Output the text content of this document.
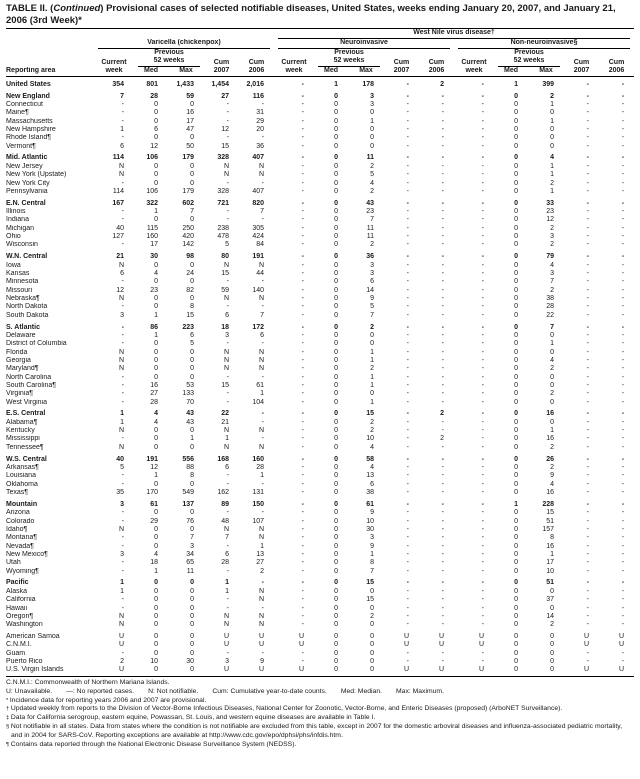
TABLE II. (Continued) Provisional cases of selected notifiable diseases, United States, weeks ending January 20, 2007, and January 21, 2006 (3rd Week)*

						West Nile virus disease†									

	Varicella (chickenpox)					Neuroinvasive					Non-neuroinvasive§				

		Previous					Previous					Previous			
	Current	52 weeks		Cum	Cum	Current	52 weeks		Cum	Cum	Current	52 weeks		Cum	Cum
Reporting area	week	Med	Max	2007	2006	week	Med	Max	2007	2006	week	Med	Max	2007	2006
United States	354	801	1,433	1,454	2,016	-	1	178	-	2	-	1	399	-	-
New England	7	28	59	27	116	-	0	3	-	-	-	0	2	-	-
Connecticut	-	0	0	-	-	-	0	3	-	-	-	0	1	-	-
Maine¶	-	0	16	-	31	-	0	0	-	-	-	0	0	-	-
Massachusetts	-	0	17	-	29	-	0	1	-	-	-	0	1	-	-
New Hampshire	1	6	47	12	20	-	0	0	-	-	-	0	0	-	-
Rhode Island¶	-	0	0	-	-	-	0	0	-	-	-	0	0	-	-
Vermont¶	6	12	50	15	36	-	0	0	-	-	-	0	0	-	-
Mid. Atlantic	114	106	179	328	407	-	0	11	-	-	-	0	4	-	-
New Jersey	N	0	0	N	N	-	0	2	-	-	-	0	1	-	-
New York (Upstate)	N	0	0	N	N	-	0	5	-	-	-	0	1	-	-
New York City	-	0	0	-	-	-	0	4	-	-	-	0	2	-	-
Pennsylvania	114	106	179	328	407	-	0	2	-	-	-	0	1	-	-
E.N. Central	167	322	602	721	820	-	0	43	-	-	-	0	33	-	-
Illinois	-	1	7	-	7	-	0	23	-	-	-	0	23	-	-
Indiana	-	0	0	-	-	-	0	7	-	-	-	0	12	-	-
Michigan	40	115	250	238	305	-	0	11	-	-	-	0	2	-	-
Ohio	127	160	420	478	424	-	0	11	-	-	-	0	3	-	-
Wisconsin	-	17	142	5	84	-	0	2	-	-	-	0	2	-	-
W.N. Central	21	30	98	80	191	-	0	36	-	-	-	0	79	-	-
Iowa	N	0	0	N	N	-	0	3	-	-	-	0	4	-	-
Kansas	6	4	24	15	44	-	0	3	-	-	-	0	3	-	-
Minnesota	-	0	0	-	-	-	0	6	-	-	-	0	7	-	-
Missouri	12	23	82	59	140	-	0	14	-	-	-	0	2	-	-
Nebraska¶	N	0	0	N	N	-	0	9	-	-	-	0	38	-	-
North Dakota	-	0	8	-	-	-	0	5	-	-	-	0	28	-	-
South Dakota	3	1	15	6	7	-	0	7	-	-	-	0	22	-	-
S. Atlantic	-	86	223	18	172	-	0	2	-	-	-	0	7	-	-
Delaware	-	1	6	3	6	-	0	0	-	-	-	0	0	-	-
District of Columbia	-	0	5	-	-	-	0	0	-	-	-	0	1	-	-
Florida	N	0	0	N	N	-	0	1	-	-	-	0	0	-	-
Georgia	N	0	0	N	N	-	0	1	-	-	-	0	4	-	-
Maryland¶	N	0	0	N	N	-	0	2	-	-	-	0	2	-	-
North Carolina	-	0	0	-	-	-	0	1	-	-	-	0	0	-	-
South Carolina¶	-	16	53	15	61	-	0	1	-	-	-	0	0	-	-
Virginia¶	-	27	133	-	1	-	0	0	-	-	-	0	2	-	-
West Virginia	-	28	70	-	104	-	0	1	-	-	-	0	0	-	-
E.S. Central	1	4	43	22	-	-	0	15	-	2	-	0	16	-	-
Alabama¶	1	4	43	21	-	-	0	2	-	-	-	0	0	-	-
Kentucky	N	0	0	N	N	-	0	2	-	-	-	0	1	-	-
Mississippi	-	0	1	1	-	-	0	10	-	2	-	0	16	-	-
Tennessee¶	N	0	0	N	N	-	0	4	-	-	-	0	2	-	-
W.S. Central	40	191	556	168	160	-	0	58	-	-	-	0	26	-	-
Arkansas¶	5	12	88	6	28	-	0	4	-	-	-	0	2	-	-
Louisiana	-	1	8	-	1	-	0	13	-	-	-	0	9	-	-
Oklahoma	-	0	0	-	-	-	0	6	-	-	-	0	4	-	-
Texas¶	35	170	549	162	131	-	0	38	-	-	-	0	16	-	-
Mountain	3	61	137	89	150	-	0	61	-	-	-	1	228	-	-
Arizona	-	0	0	-	-	-	0	9	-	-	-	0	15	-	-
Colorado	-	29	76	48	107	-	0	10	-	-	-	0	51	-	-
Idaho¶	N	0	0	N	N	-	0	30	-	-	-	0	157	-	-
Montana¶	-	0	7	7	N	-	0	3	-	-	-	0	8	-	-
Nevada¶	-	0	3	-	1	-	0	9	-	-	-	0	16	-	-
New Mexico¶	3	4	34	6	13	-	0	1	-	-	-	0	1	-	-
Utah	-	18	65	28	27	-	0	8	-	-	-	0	17	-	-
Wyoming¶	-	1	11	-	2	-	0	7	-	-	-	0	10	-	-
Pacific	1	0	0	1	-	-	0	15	-	-	-	0	51	-	-
Alaska	1	0	0	1	N	-	0	0	-	-	-	0	0	-	-
California	-	0	0	-	N	-	0	15	-	-	-	0	37	-	-
Hawaii	-	0	0	-	-	-	0	0	-	-	-	0	0	-	-
Oregon¶	N	0	0	N	N	-	0	2	-	-	-	0	14	-	-
Washington	N	0	0	N	N	-	0	0	-	-	-	0	2	-	-
American Samoa	U	0	0	U	U	U	0	0	U	U	U	0	0	U	U
C.N.M.I.	U	0	0	U	U	U	0	0	U	U	U	0	0	U	U
Guam	-	0	0	-	-	-	0	0	-	-	-	0	0	-	-
Puerto Rico	2	10	30	3	9	-	0	0	-	-	-	0	0	-	-
U.S. Virgin Islands	U	0	0	U	U	U	0	0	U	U	U	0	0	U	U
C.N.M.I.: Commonwealth of Northern Mariana Islands.
U: Unavailable. —: No reported cases. N: Not notifiable. Cum: Cumulative year-to-date counts. Med: Median. Max: Maximum.
* Incidence data for reporting years 2006 and 2007 are provisional.
† Updated weekly from reports to the Division of Vector-Borne Infectious Diseases, National Center for Zoonotic, Vector-Borne, and Enteric Diseases (proposed) (ArboNET Surveillance).
‡ Data for California serogroup, eastern equine, Powassan, St. Louis, and western equine diseases are available in Table I.
§ Not notifiable in all states. Data from states where the condition is not notifiable are excluded from this table, except in 2007 for the domestic arboviral diseases and influenza-associated pediatric mortality, and in 2004 for SARS-CoV. Reporting exceptions are available at http://www.cdc.gov/epo/dphsi/phs/infdis.htm.
¶ Contains data reported through the National Electronic Disease Surveillance System (NEDSS).
